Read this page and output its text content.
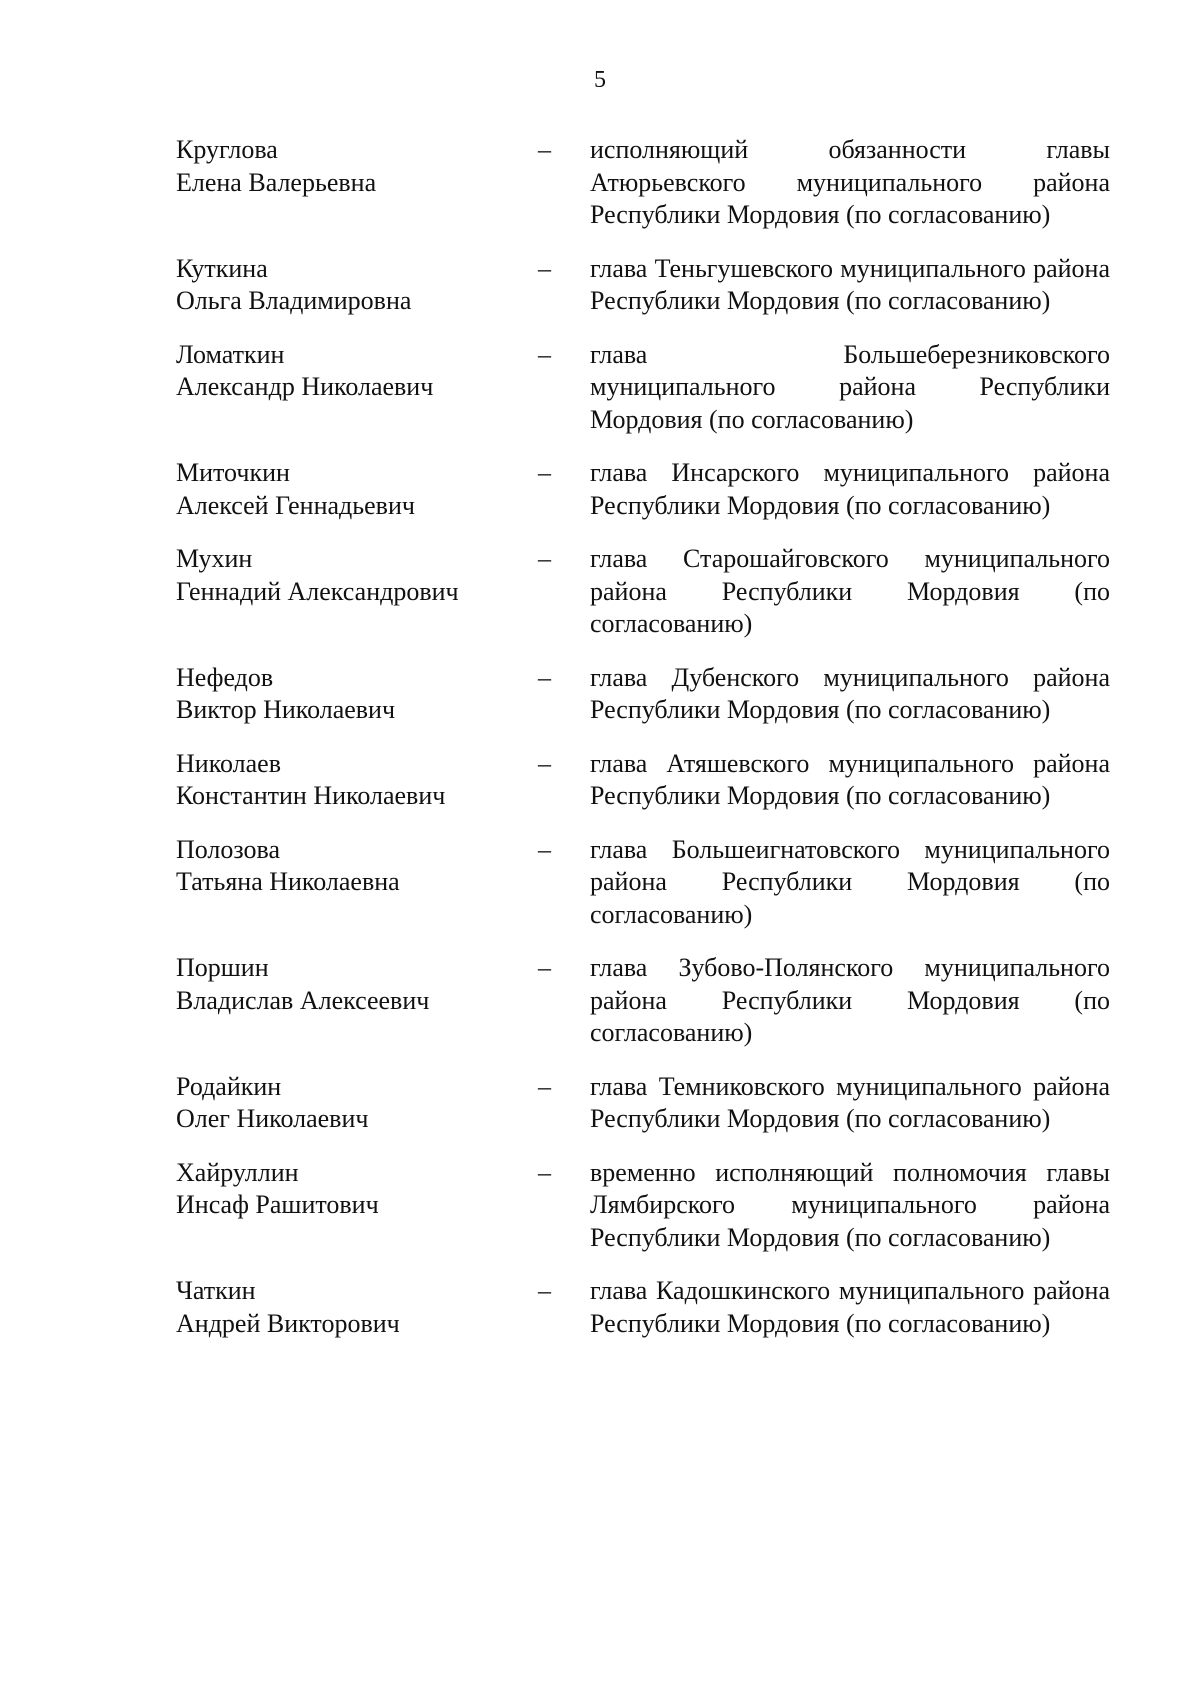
5
Круглова
Елена Валерьевна
–	исполняющий обязанности главы Атюрьевского муниципального района Республики Мордовия (по согласованию)
Куткина
Ольга Владимировна
–	глава Теньгушевского муниципального района Республики Мордовия (по согласованию)
Ломаткин
Александр Николаевич
–	глава Большеберезниковского муниципального района Республики Мордовия (по согласованию)
Миточкин
Алексей Геннадьевич
–	глава Инсарского муниципального района Республики Мордовия (по согласованию)
Мухин
Геннадий Александрович
–	глава Старошайговского муниципального района Республики Мордовия (по согласованию)
Нефедов
Виктор Николаевич
–	глава Дубенского муниципального района Республики Мордовия (по согласованию)
Николаев
Константин Николаевич
–	глава Атяшевского муниципального района Республики Мордовия (по согласованию)
Полозова
Татьяна Николаевна
–	глава Большеигнатовского муниципального района Республики Мордовия (по согласованию)
Поршин
Владислав Алексеевич
–	глава Зубово-Полянского муниципального района Республики Мордовия (по согласованию)
Родайкин
Олег Николаевич
–	глава Темниковского муниципального района Республики Мордовия (по согласованию)
Хайруллин
Инсаф Рашитович
–	временно исполняющий полномочия главы Лямбирского муниципального района Республики Мордовия (по согласованию)
Чаткин
Андрей Викторович
–	глава Кадошкинского муниципального района Республики Мордовия (по согласованию)
